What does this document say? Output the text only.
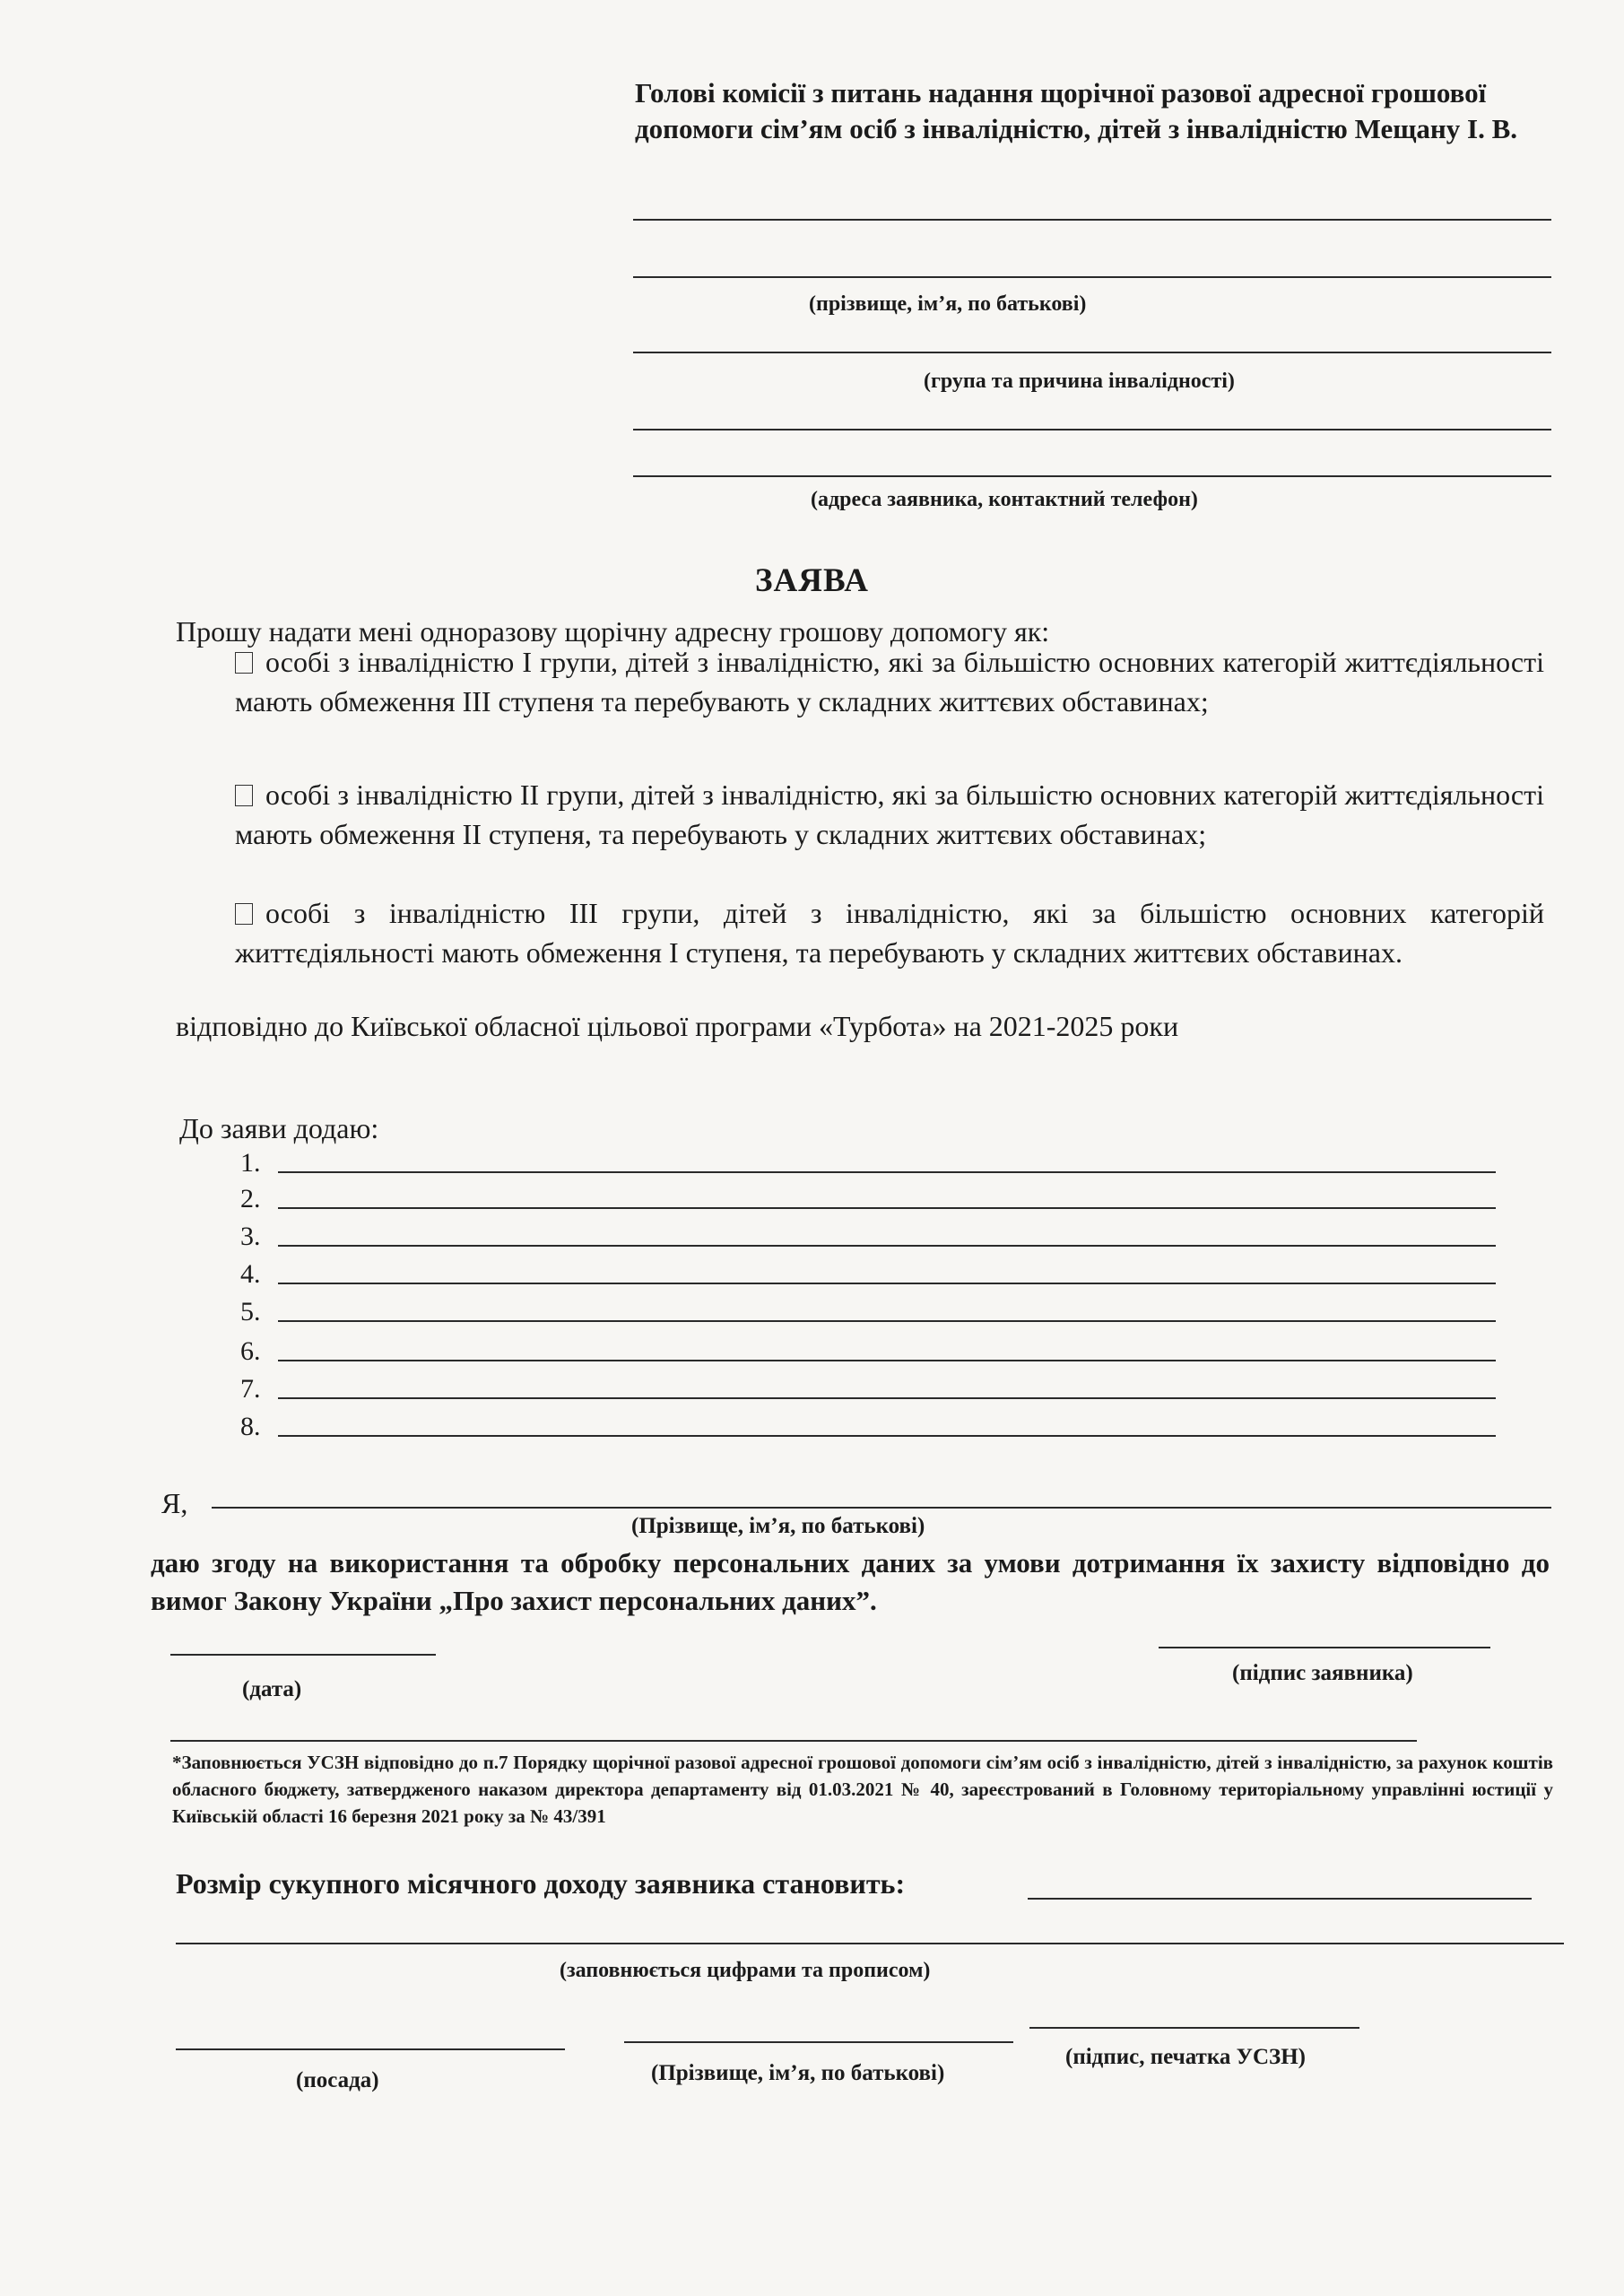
Голові комісії з питань надання щорічної разової адресної грошової допомоги сім’ям осіб з інвалідністю, дітей з інвалідністю Мещану І. В.
(прізвище, ім’я, по батькові)
(група та причина інвалідності)
(адреса заявника, контактний телефон)
ЗАЯВА
Прошу надати мені одноразову щорічну адресну грошову допомогу як:
особі з інвалідністю І групи, дітей з інвалідністю, які за більшістю основних категорій життєдіяльності мають обмеження ІІІ ступеня та перебувають у складних життєвих обставинах;
особі з інвалідністю ІІ групи, дітей з інвалідністю, які за більшістю основних категорій життєдіяльності мають обмеження ІІ ступеня, та перебувають у складних життєвих обставинах;
особі з інвалідністю ІІІ групи, дітей з інвалідністю, які за більшістю основних категорій життєдіяльності мають обмеження І ступеня, та перебувають у складних життєвих обставинах.
відповідно до Київської обласної цільової програми «Турбота» на 2021-2025 роки
До заяви додаю:
1.
2.
3.
4.
5.
6.
7.
8.
Я,
(Прізвище, ім’я, по батькові)
даю згоду на використання та обробку персональних даних за умови дотримання їх захисту відповідно до вимог Закону України „Про захист персональних даних”.
(підпис заявника)
(дата)
*Заповнюється УСЗН відповідно до п.7 Порядку щорічної разової адресної грошової допомоги сім’ям осіб з інвалідністю, дітей з інвалідністю, за рахунок коштів обласного бюджету, затвердженого наказом директора департаменту від 01.03.2021 № 40, зареєстрований в Головному територіальному управлінні юстиції у Київській області 16 березня 2021 року за № 43/391
Розмір сукупного місячного доходу заявника становить:
(заповнюється цифрами та прописом)
(посада)	(Прізвище, ім’я, по батькові)
(підпис, печатка УСЗН)
